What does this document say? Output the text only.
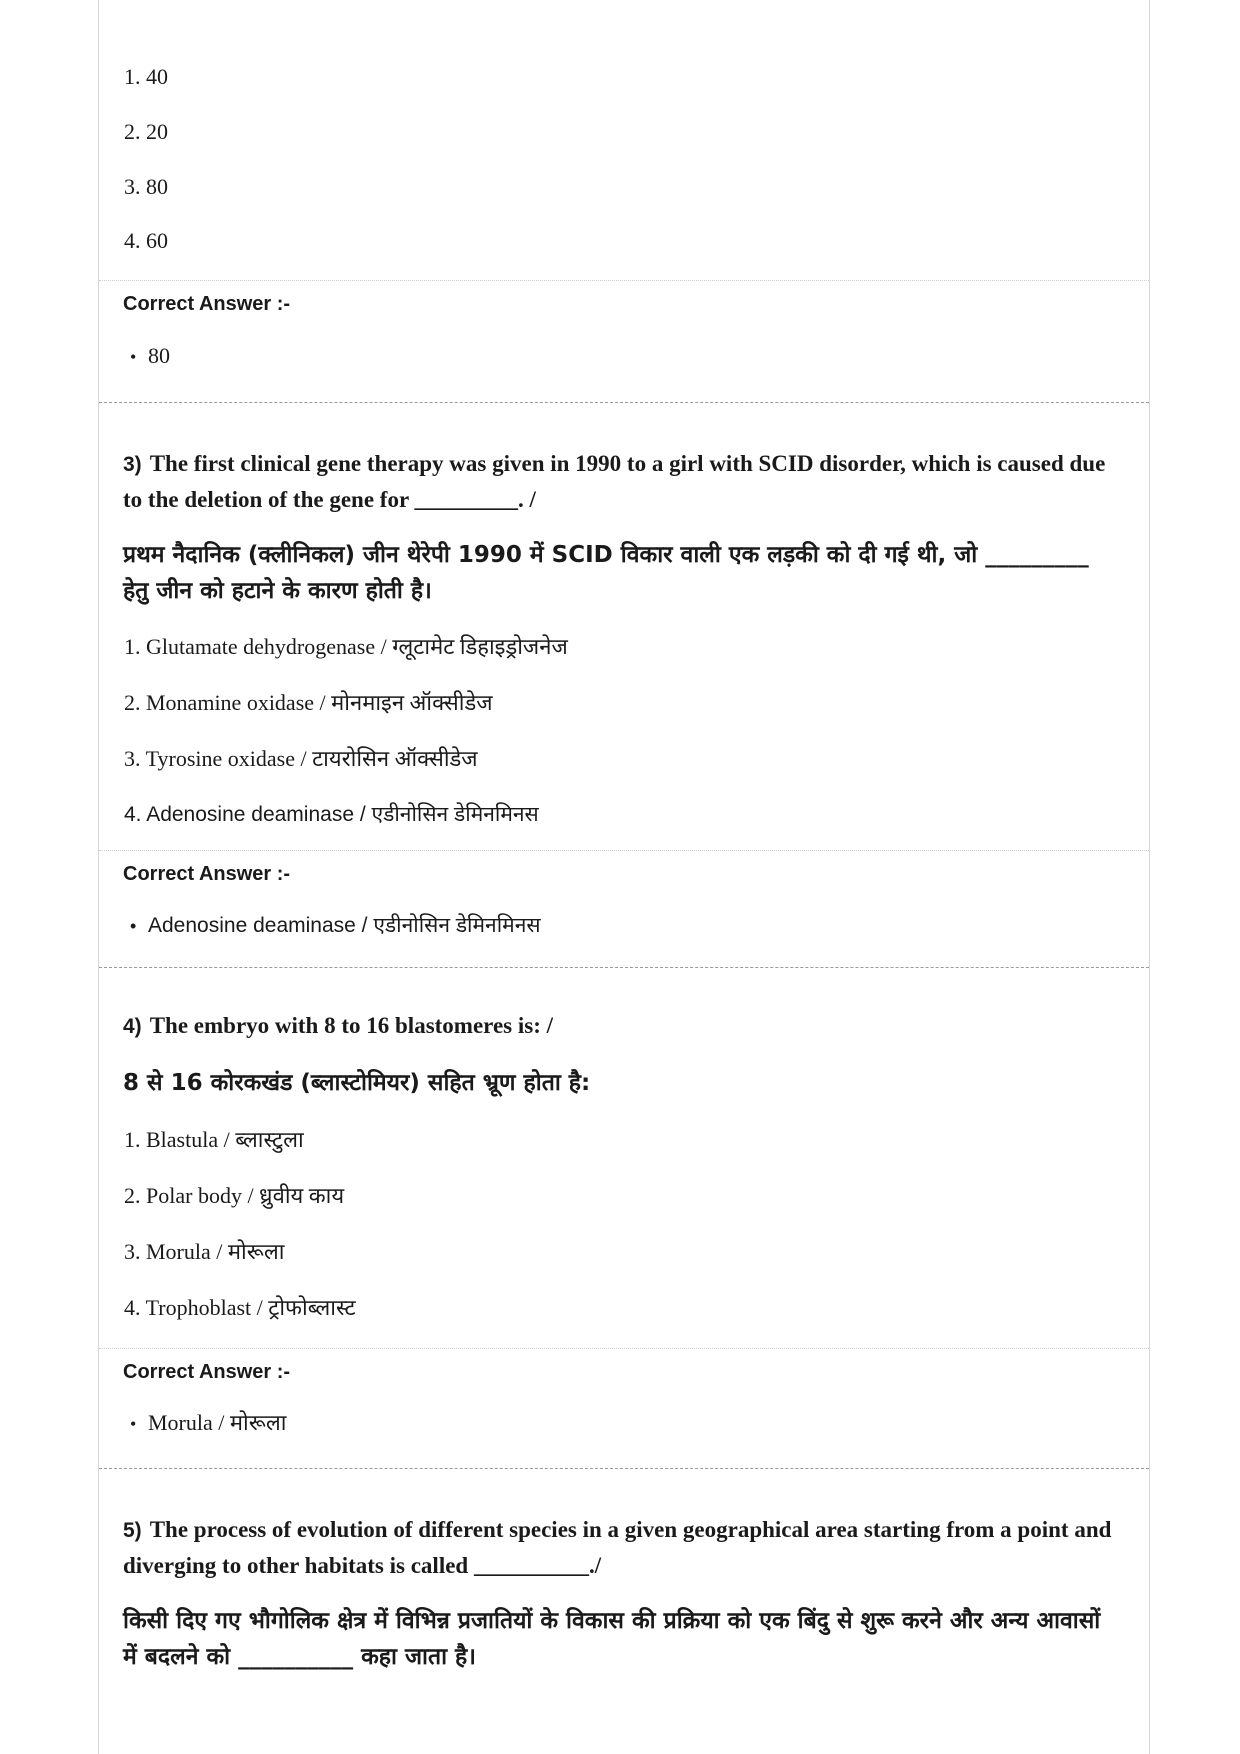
1. 40
2. 20
3. 80
4. 60
Correct Answer :-
• 80
3) The first clinical gene therapy was given in 1990 to a girl with SCID disorder, which is caused due to the deletion of the gene for _________. /
प्रथम नैदानिक (क्लीनिकल) जीन थेरेपी 1990 में SCID विकार वाली एक लड़की को दी गई थी, जो _________ हेतु जीन को हटाने के कारण होती है।
1. Glutamate dehydrogenase / ग्लूटामेट डिहाइड्रोजनेज
2. Monamine oxidase / मोनमाइन ऑक्सीडेज
3. Tyrosine oxidase / टायरोसिन ऑक्सीडेज
4. Adenosine deaminase / एडीनोसिन डेमिनमिनस
Correct Answer :-
• Adenosine deaminase / एडीनोसिन डेमिनमिनस
4) The embryo with 8 to 16 blastomeres is: /
8 से 16 कोरकखंड (ब्लास्टोमियर) सहित भ्रूण होता है:
1. Blastula / ब्लास्टुला
2. Polar body / ध्रुवीय काय
3. Morula / मोरूला
4. Trophoblast / ट्रोफोब्लास्ट
Correct Answer :-
• Morula / मोरूला
5) The process of evolution of different species in a given geographical area starting from a point and diverging to other habitats is called __________./
किसी दिए गए भौगोलिक क्षेत्र में विभिन्न प्रजातियों के विकास की प्रक्रिया को एक बिंदु से शुरू करने और अन्य आवासों में बदलने को __________ कहा जाता है।
